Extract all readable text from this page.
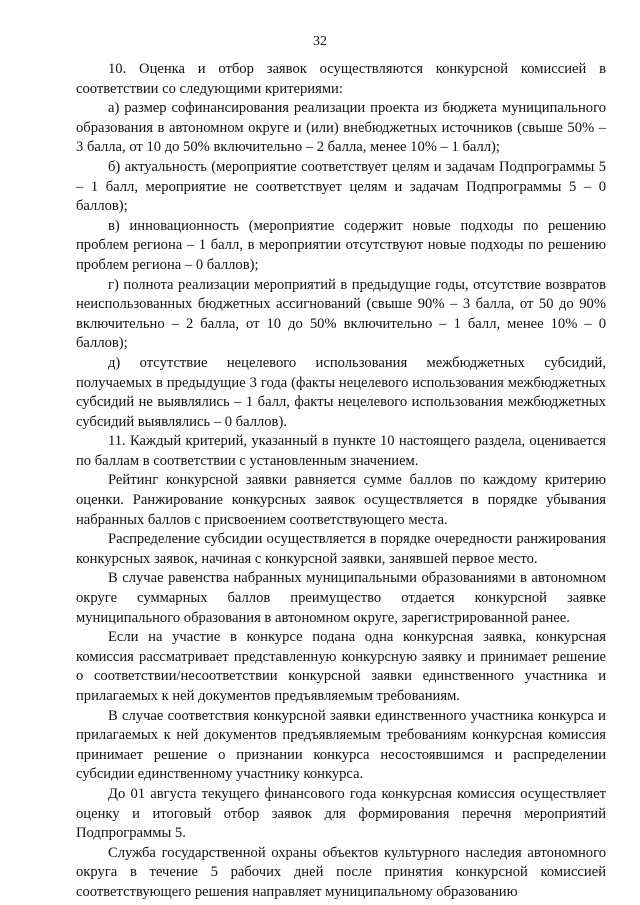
32

10. Оценка и отбор заявок осуществляются конкурсной комиссией в соответствии со следующими критериями:

а) размер софинансирования реализации проекта из бюджета муниципального образования в автономном округе и (или) внебюджетных источников (свыше 50% – 3 балла, от 10 до 50% включительно – 2 балла, менее 10% – 1 балл);

б) актуальность (мероприятие соответствует целям и задачам Подпрограммы 5 – 1 балл, мероприятие не соответствует целям и задачам Подпрограммы 5 – 0 баллов);

в) инновационность (мероприятие содержит новые подходы по решению проблем региона – 1 балл, в мероприятии отсутствуют новые подходы по решению проблем региона – 0 баллов);

г) полнота реализации мероприятий в предыдущие годы, отсутствие возвратов неиспользованных бюджетных ассигнований (свыше 90% – 3 балла, от 50 до 90% включительно – 2 балла, от 10 до 50% включительно – 1 балл, менее 10% – 0 баллов);

д) отсутствие нецелевого использования межбюджетных субсидий, получаемых в предыдущие 3 года (факты нецелевого использования межбюджетных субсидий не выявлялись – 1 балл, факты нецелевого использования межбюджетных субсидий выявлялись – 0 баллов).

11. Каждый критерий, указанный в пункте 10 настоящего раздела, оценивается по баллам в соответствии с установленным значением.

Рейтинг конкурсной заявки равняется сумме баллов по каждому критерию оценки. Ранжирование конкурсных заявок осуществляется в порядке убывания набранных баллов с присвоением соответствующего места.

Распределение субсидии осуществляется в порядке очередности ранжирования конкурсных заявок, начиная с конкурсной заявки, занявшей первое место.

В случае равенства набранных муниципальными образованиями в автономном округе суммарных баллов преимущество отдается конкурсной заявке муниципального образования в автономном округе, зарегистрированной ранее.

Если на участие в конкурсе подана одна конкурсная заявка, конкурсная комиссия рассматривает представленную конкурсную заявку и принимает решение о соответствии/несоответствии конкурсной заявки единственного участника и прилагаемых к ней документов предъявляемым требованиям.

В случае соответствия конкурсной заявки единственного участника конкурса и прилагаемых к ней документов предъявляемым требованиям конкурсная комиссия принимает решение о признании конкурса несостоявшимся и распределении субсидии единственному участнику конкурса.

До 01 августа текущего финансового года конкурсная комиссия осуществляет оценку и итоговый отбор заявок для формирования перечня мероприятий Подпрограммы 5.

Служба государственной охраны объектов культурного наследия автономного округа в течение 5 рабочих дней после принятия конкурсной комиссией соответствующего решения направляет муниципальному образованию
